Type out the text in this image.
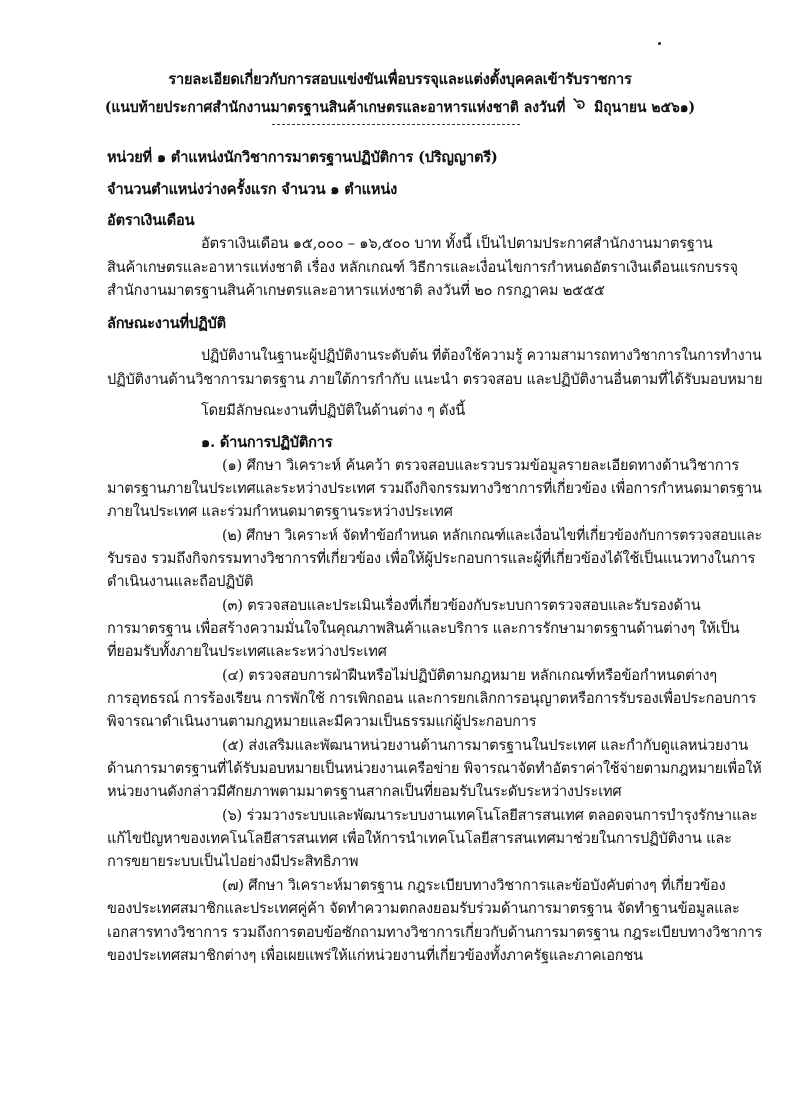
รายละเอียดเกี่ยวกับการสอบแข่งขันเพื่อบรรจุและแต่งตั้งบุคคลเข้ารับราชการ
(แนบท้ายประกาศสำนักงานมาตรฐานสินค้าเกษตรและอาหารแห่งชาติ ลงวันที่ ๖ มิถุนายน ๒๕๖๑)
หน่วยที่ ๑ ตำแหน่งนักวิชาการมาตรฐานปฏิบัติการ (ปริญญาตรี)
จำนวนตำแหน่งว่างครั้งแรก จำนวน ๑ ตำแหน่ง
อัตราเงินเดือน
อัตราเงินเดือน ๑๕,๐๐๐ – ๑๖,๕๐๐ บาท ทั้งนี้ เป็นไปตามประกาศสำนักงานมาตรฐาน
สินค้าเกษตรและอาหารแห่งชาติ เรื่อง หลักเกณฑ์ วิธีการและเงื่อนไขการกำหนดอัตราเงินเดือนแรกบรรจุ
สำนักงานมาตรฐานสินค้าเกษตรและอาหารแห่งชาติ ลงวันที่ ๒๐ กรกฎาคม ๒๕๕๕
ลักษณะงานที่ปฏิบัติ
ปฏิบัติงานในฐานะผู้ปฏิบัติงานระดับต้น ที่ต้องใช้ความรู้ ความสามารถทางวิชาการในการทำงาน
ปฏิบัติงานด้านวิชาการมาตรฐาน ภายใต้การกำกับ แนะนำ ตรวจสอบ และปฏิบัติงานอื่นตามที่ได้รับมอบหมาย
โดยมีลักษณะงานที่ปฏิบัติในด้านต่าง ๆ ดังนี้
๑. ด้านการปฏิบัติการ
(๑) ศึกษา วิเคราะห์ ค้นคว้า ตรวจสอบและรวบรวมข้อมูลรายละเอียดทางด้านวิชาการ
มาตรฐานภายในประเทศและระหว่างประเทศ รวมถึงกิจกรรมทางวิชาการที่เกี่ยวข้อง เพื่อการกำหนดมาตรฐาน
ภายในประเทศ และร่วมกำหนดมาตรฐานระหว่างประเทศ
(๒) ศึกษา วิเคราะห์ จัดทำข้อกำหนด หลักเกณฑ์และเงื่อนไขที่เกี่ยวข้องกับการตรวจสอบและ
รับรอง รวมถึงกิจกรรมทางวิชาการที่เกี่ยวข้อง เพื่อให้ผู้ประกอบการและผู้ที่เกี่ยวข้องได้ใช้เป็นแนวทางในการ
ดำเนินงานและถือปฏิบัติ
(๓) ตรวจสอบและประเมินเรื่องที่เกี่ยวข้องกับระบบการตรวจสอบและรับรองด้าน
การมาตรฐาน เพื่อสร้างความมั่นใจในคุณภาพสินค้าและบริการ และการรักษามาตรฐานด้านต่างๆ ให้เป็น
ที่ยอมรับทั้งภายในประเทศและระหว่างประเทศ
(๔) ตรวจสอบการฝ่าฝืนหรือไม่ปฏิบัติตามกฎหมาย หลักเกณฑ์หรือข้อกำหนดต่างๆ
การอุทธรณ์ การร้องเรียน การพักใช้ การเพิกถอน และการยกเลิกการอนุญาตหรือการรับรองเพื่อประกอบการ
พิจารณาดำเนินงานตามกฎหมายและมีความเป็นธรรมแก่ผู้ประกอบการ
(๕) ส่งเสริมและพัฒนาหน่วยงานด้านการมาตรฐานในประเทศ และกำกับดูแลหน่วยงาน
ด้านการมาตรฐานที่ได้รับมอบหมายเป็นหน่วยงานเครือข่าย พิจารณาจัดทำอัตราค่าใช้จ่ายตามกฎหมายเพื่อให้
หน่วยงานดังกล่าวมีศักยภาพตามมาตรฐานสากลเป็นที่ยอมรับในระดับระหว่างประเทศ
(๖) ร่วมวางระบบและพัฒนาระบบงานเทคโนโลยีสารสนเทศ ตลอดจนการบำรุงรักษาและ
แก้ไขปัญหาของเทคโนโลยีสารสนเทศ เพื่อให้การนำเทคโนโลยีสารสนเทศมาช่วยในการปฏิบัติงาน และ
การขยายระบบเป็นไปอย่างมีประสิทธิภาพ
(๗) ศึกษา วิเคราะห์มาตรฐาน กฎระเบียบทางวิชาการและข้อบังคับต่างๆ ที่เกี่ยวข้อง
ของประเทศสมาชิกและประเทศคู่ค้า จัดทำความตกลงยอมรับร่วมด้านการมาตรฐาน จัดทำฐานข้อมูลและ
เอกสารทางวิชาการ รวมถึงการตอบข้อซักถามทางวิชาการเกี่ยวกับด้านการมาตรฐาน กฎระเบียบทางวิชาการ
ของประเทศสมาชิกต่างๆ เพื่อเผยแพร่ให้แก่หน่วยงานที่เกี่ยวข้องทั้งภาครัฐและภาคเอกชน
